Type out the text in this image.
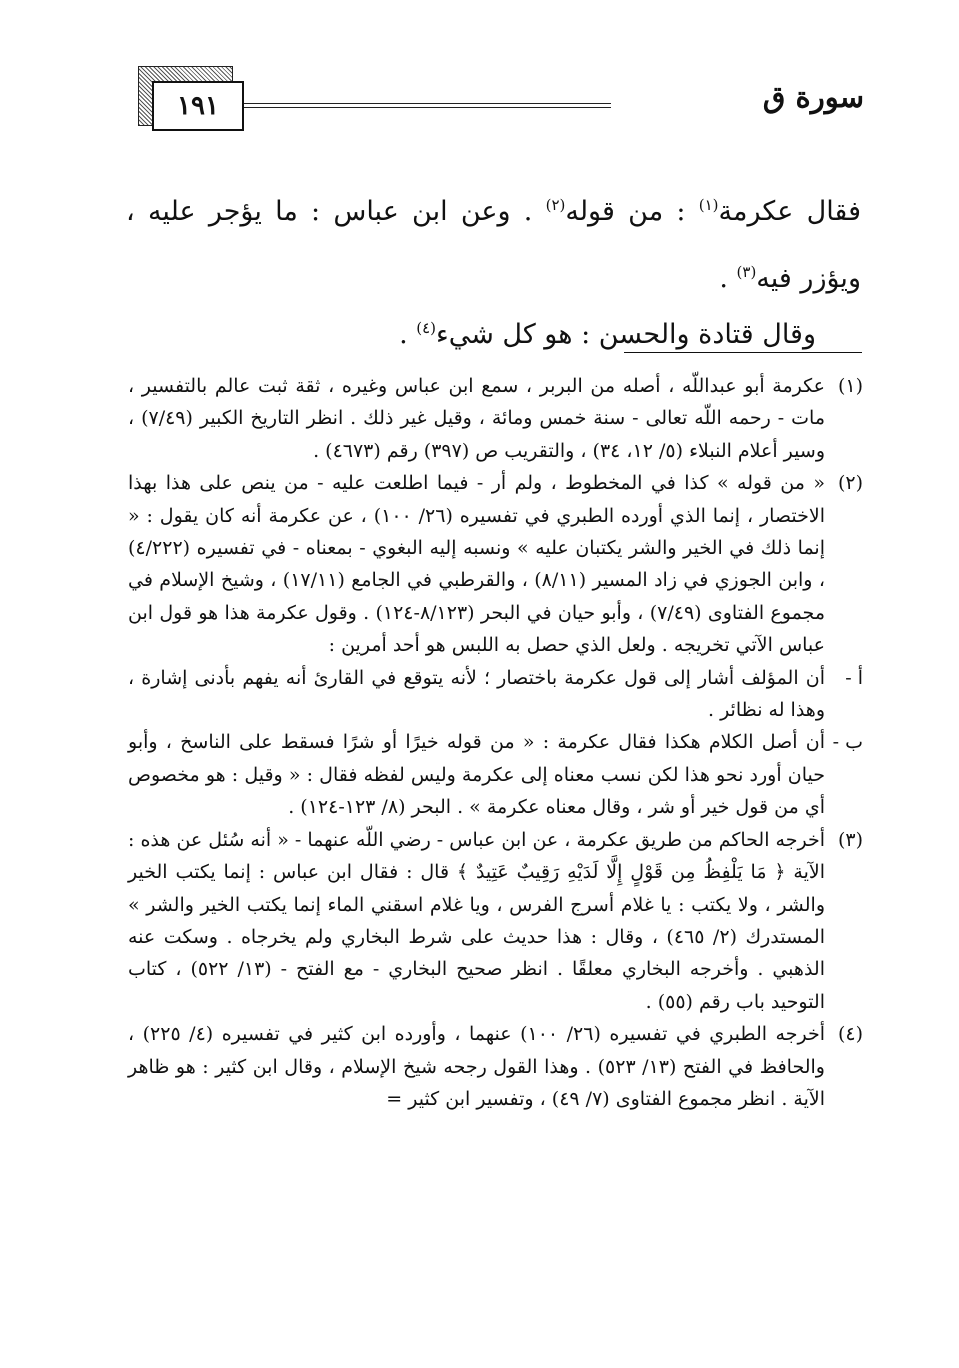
سورة ق
١٩١
فقال عكرمة$^{(١)}$ : من قوله$^{(٢)}$ . وعن ابن عباس : ما يؤجر عليه ، ويؤزر فيه$^{(٣)}$ .
وقال قتادة والحسن : هو كل شيء$^{(٤)}$ .
(١)
عكرمة أبو عبداللّه ، أصله من البربر ، سمع ابن عباس وغيره ، ثقة ثبت عالم بالتفسير ، مات - رحمه اللّه تعالى - سنة خمس ومائة ، وقيل غير ذلك . انظر التاريخ الكبير (٧/٤٩) ، وسير أعلام النبلاء (٥/ ١٢، ٣٤) ، والتقريب ص (٣٩٧) رقم (٤٦٧٣) .
(٢)
« من قوله » كذا في المخطوط ، ولم أر - فيما اطلعت عليه - من ينص على هذا بهذا الاختصار ، إنما الذي أورده الطبري في تفسيره (٢٦/ ١٠٠) ، عن عكرمة أنه كان يقول : « إنما ذلك في الخير والشر يكتبان عليه » ونسبه إليه البغوي - بمعناه - في تفسيره (٤/٢٢٢) ، وابن الجوزي في زاد المسير (٨/١١) ، والقرطبي في الجامع (١٧/١١) ، وشيخ الإسلام في مجموع الفتاوى (٧/٤٩) ، وأبو حيان في البحر (٨/١٢٣-١٢٤) . وقول عكرمة هذا هو قول ابن عباس الآتي تخريجه . ولعل الذي حصل به اللبس هو أحد أمرين :
أ -
أن المؤلف أشار إلى قول عكرمة باختصار ؛ لأنه يتوقع في القارئ أنه يفهم بأدنى إشارة ، وهذا له نظائر .
ب -
أن أصل الكلام هكذا فقال عكرمة : « من قوله خيرًا أو شرًا فسقط على الناسخ ، وأبو حيان أورد نحو هذا لكن نسب معناه إلى عكرمة وليس لفظه فقال : « وقيل : هو مخصوص أي من قول خير أو شر ، وقال معناه عكرمة » . البحر (٨/ ١٢٣-١٢٤) .
(٣)
أخرجه الحاكم من طريق عكرمة ، عن ابن عباس - رضي اللّه عنهما - « أنه سُئل عن هذه : الآية ﴿ مَا يَلْفِظُ مِن قَوْلٍ إِلَّا لَدَيْهِ رَقِيبٌ عَتِيدٌ ﴾ قال : فقال ابن عباس : إنما يكتب الخير والشر ، ولا يكتب : يا غلام أسرج الفرس ، ويا غلام اسقني الماء إنما يكتب الخير والشر » المستدرك (٢/ ٤٦٥) ، وقال : هذا حديث على شرط البخاري ولم يخرجاه . وسكت عنه الذهبي . وأخرجه البخاري معلقًا . انظر صحيح البخاري - مع الفتح - (١٣/ ٥٢٢) ، كتاب التوحيد باب رقم (٥٥) .
(٤)
أخرجه الطبري في تفسيره (٢٦/ ١٠٠) عنهما ، وأورده ابن كثير في تفسيره (٤/ ٢٢٥) ، والحافظ في الفتح (١٣/ ٥٢٣) . وهذا القول رجحه شيخ الإسلام ، وقال ابن كثير : هو ظاهر الآية . انظر مجموع الفتاوى (٧/ ٤٩) ، وتفسير ابن كثير =
